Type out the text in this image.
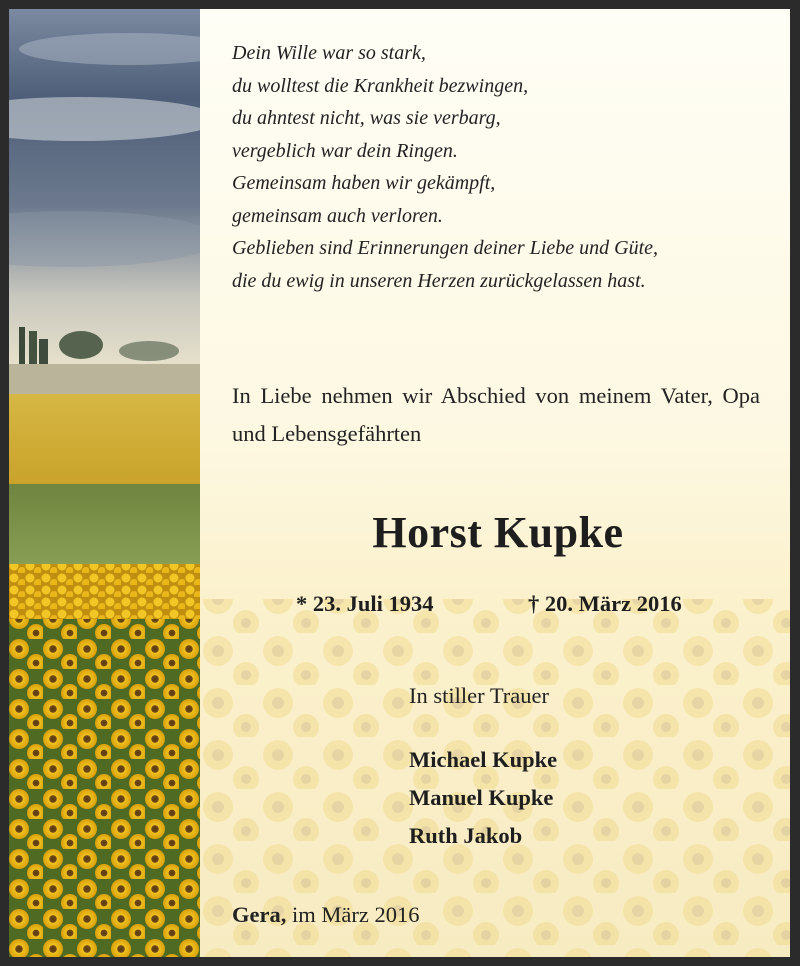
Dein Wille war so stark,
du wolltest die Krankheit bezwingen,
du ahntest nicht, was sie verbarg,
vergeblich war dein Ringen.
Gemeinsam haben wir gekämpft,
gemeinsam auch verloren.
Geblieben sind Erinnerungen deiner Liebe und Güte,
die du ewig in unseren Herzen zurückgelassen hast.
In Liebe nehmen wir Abschied von meinem Vater, Opa und Lebensgefährten
Horst Kupke
* 23. Juli 1934	† 20. März 2016
In stiller Trauer
Michael Kupke
Manuel Kupke
Ruth Jakob
Gera, im März 2016
